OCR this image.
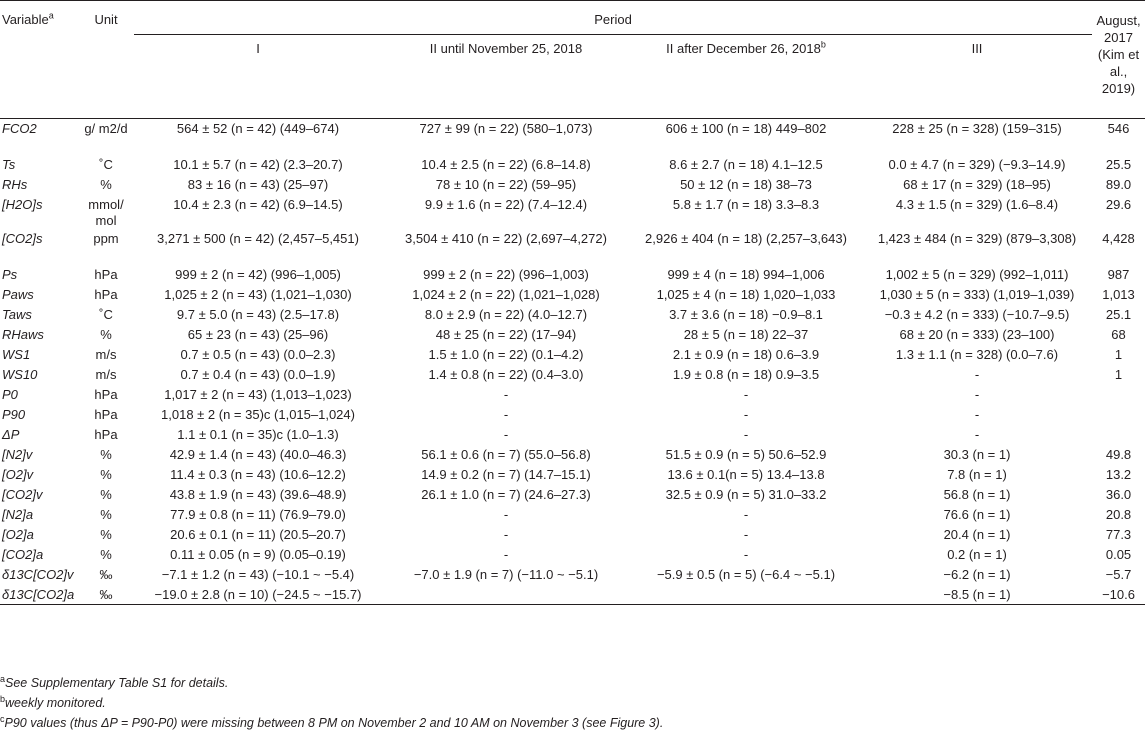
Variable$^a$	Unit	Period				August, 2017 (Kim et al., 2019)
		I	II until November 25, 2018	II after December 26, 2018$^b$	III	
FCO2	g/ m2/d	564 ± 52 (n = 42) (449–674)	727 ± 99 (n = 22) (580–1,073)	606 ± 100 (n = 18) 449–802	228 ± 25 (n = 328) (159–315)	546
Ts	˚C	10.1 ± 5.7 (n = 42) (2.3–20.7)	10.4 ± 2.5 (n = 22) (6.8–14.8)	8.6 ± 2.7 (n = 18) 4.1–12.5	0.0 ± 4.7 (n = 329) (−9.3–14.9)	25.5
RHs	%	83 ± 16 (n = 43) (25–97)	78 ± 10 (n = 22) (59–95)	50 ± 12 (n = 18) 38–73	68 ± 17 (n = 329) (18–95)	89.0
[H2O]s	mmol/ mol	10.4 ± 2.3 (n = 42) (6.9–14.5)	9.9 ± 1.6 (n = 22) (7.4–12.4)	5.8 ± 1.7 (n = 18) 3.3–8.3	4.3 ± 1.5 (n = 329) (1.6–8.4)	29.6
[CO2]s	ppm	3,271 ± 500 (n = 42) (2,457–5,451)	3,504 ± 410 (n = 22) (2,697–4,272)	2,926 ± 404 (n = 18) (2,257–3,643)	1,423 ± 484 (n = 329) (879–3,308)	4,428
Ps	hPa	999 ± 2 (n = 42) (996–1,005)	999 ± 2 (n = 22) (996–1,003)	999 ± 4 (n = 18) 994–1,006	1,002 ± 5 (n = 329) (992–1,011)	987
Paws	hPa	1,025 ± 2 (n = 43) (1,021–1,030)	1,024 ± 2 (n = 22) (1,021–1,028)	1,025 ± 4 (n = 18) 1,020–1,033	1,030 ± 5 (n = 333) (1,019–1,039)	1,013
Taws	˚C	9.7 ± 5.0 (n = 43) (2.5–17.8)	8.0 ± 2.9 (n = 22) (4.0–12.7)	3.7 ± 3.6 (n = 18) −0.9–8.1	−0.3 ± 4.2 (n = 333) (−10.7–9.5)	25.1
RHaws	%	65 ± 23 (n = 43) (25–96)	48 ± 25 (n = 22) (17–94)	28 ± 5 (n = 18) 22–37	68 ± 20 (n = 333) (23–100)	68
WS1	m/s	0.7 ± 0.5 (n = 43) (0.0–2.3)	1.5 ± 1.0 (n = 22) (0.1–4.2)	2.1 ± 0.9 (n = 18) 0.6–3.9	1.3 ± 1.1 (n = 328) (0.0–7.6)	1
WS10	m/s	0.7 ± 0.4 (n = 43) (0.0–1.9)	1.4 ± 0.8 (n = 22) (0.4–3.0)	1.9 ± 0.8 (n = 18) 0.9–3.5	-	1
P0	hPa	1,017 ± 2 (n = 43) (1,013–1,023)	-	-	-	
P90	hPa	1,018 ± 2 (n = 35)c (1,015–1,024)	-	-	-	
ΔP	hPa	1.1 ± 0.1 (n = 35)c (1.0–1.3)	-	-	-	
[N2]v	%	42.9 ± 1.4 (n = 43) (40.0–46.3)	56.1 ± 0.6 (n = 7) (55.0–56.8)	51.5 ± 0.9 (n = 5) 50.6–52.9	30.3 (n = 1)	49.8
[O2]v	%	11.4 ± 0.3 (n = 43) (10.6–12.2)	14.9 ± 0.2 (n = 7) (14.7–15.1)	13.6 ± 0.1(n = 5) 13.4–13.8	7.8 (n = 1)	13.2
[CO2]v	%	43.8 ± 1.9 (n = 43) (39.6–48.9)	26.1 ± 1.0 (n = 7) (24.6–27.3)	32.5 ± 0.9 (n = 5) 31.0–33.2	56.8 (n = 1)	36.0
[N2]a	%	77.9 ± 0.8 (n = 11) (76.9–79.0)	-	-	76.6 (n = 1)	20.8
[O2]a	%	20.6 ± 0.1 (n = 11) (20.5–20.7)	-	-	20.4 (n = 1)	77.3
[CO2]a	%	0.11 ± 0.05 (n = 9) (0.05–0.19)	-	-	0.2 (n = 1)	0.05
δ13C[CO2]v	‰	−7.1 ± 1.2 (n = 43) (−10.1 ~ −5.4)	−7.0 ± 1.9 (n = 7) (−11.0 ~ −5.1)	−5.9 ± 0.5 (n = 5) (−6.4 ~ −5.1)	−6.2 (n = 1)	−5.7
δ13C[CO2]a	‰	−19.0 ± 2.8 (n = 10) (−24.5 ~ −15.7)			−8.5 (n = 1)	−10.6
$^a$See Supplementary Table S1 for details.
$^b$weekly monitored.
$^c$P90 values (thus ΔP = P90-P0) were missing between 8 PM on November 2 and 10 AM on November 3 (see Figure 3).
